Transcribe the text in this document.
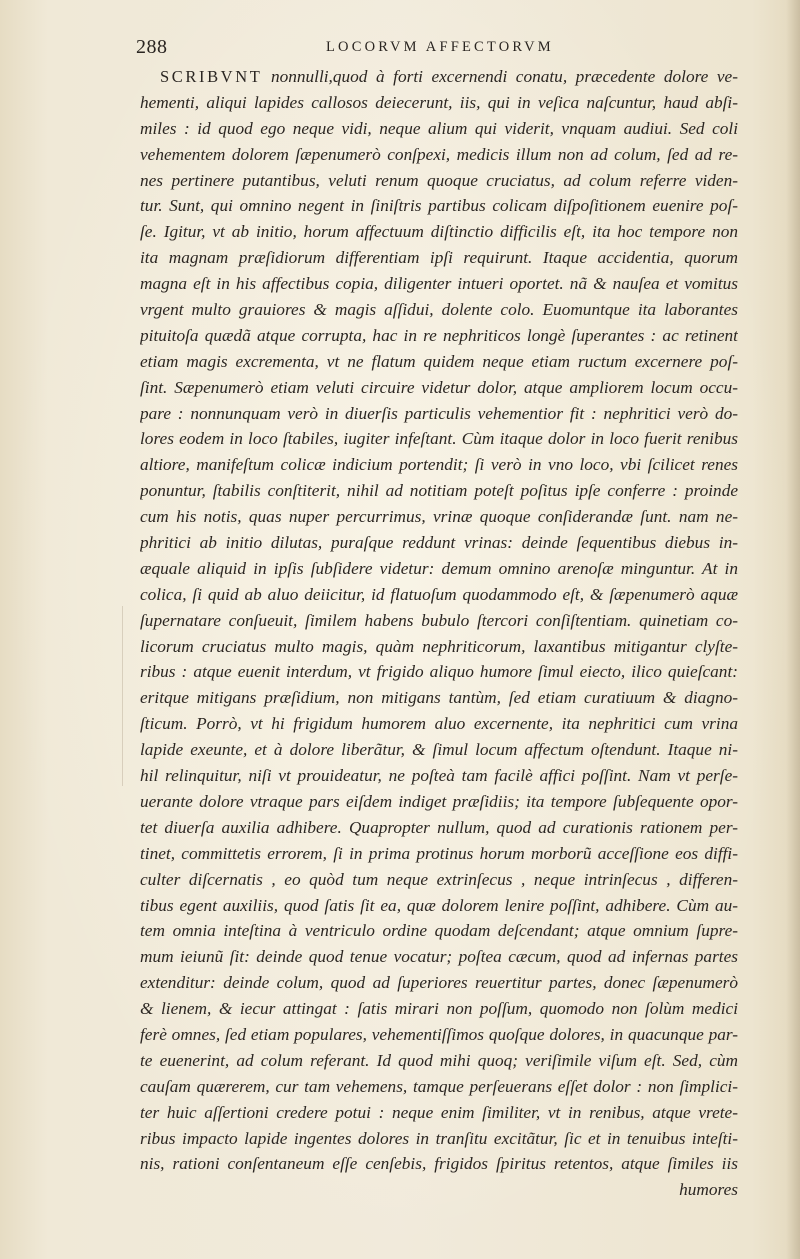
288	LOCORVM AFFECTORVM
SCRIBVNT nonnulli,quod à forti excernendi conatu, præcedente dolore ve-
hementi, aliqui lapides callosos deiecerunt, iis, qui in veſica naſcuntur, haud abſi-
miles : id quod ego neque vidi, neque alium qui viderit, vnquam audiui. Sed coli
vehementem dolorem ſæpenumerò conſpexi, medicis illum non ad colum, ſed ad re-
nes pertinere putantibus, veluti renum quoque cruciatus, ad colum referre viden-
tur. Sunt, qui omnino negent in ſiniſtris partibus colicam diſpoſitionem euenire poſ-
ſe. Igitur, vt ab initio, horum affectuum diſtinctio difficilis eſt, ita hoc tempore non
ita magnam præſidiorum differentiam ipſi requirunt. Itaque accidentia, quorum
magna eſt in his affectibus copia, diligenter intueri oportet. nã & nauſea et vomitus
vrgent multo grauiores & magis aſſidui, dolente colo. Euomuntque ita laborantes
pituitoſa quædã atque corrupta, hac in re nephriticos longè ſuperantes : ac retinent
etiam magis excrementa, vt ne flatum quidem neque etiam ructum excernere poſ-
ſint. Sæpenumerò etiam veluti circuire videtur dolor, atque ampliorem locum occu-
pare : nonnunquam verò in diuerſis particulis vehementior fit : nephritici verò do-
lores eodem in loco ſtabiles, iugiter infeſtant. Cùm itaque dolor in loco fuerit renibus
altiore, manifeſtum colicæ indicium portendit; ſi verò in vno loco, vbi ſcilicet renes
ponuntur, ſtabilis conſtiterit, nihil ad notitiam poteſt poſitus ipſe conferre : proinde
cum his notis, quas nuper percurrimus, vrinæ quoque conſiderandæ ſunt. nam ne-
phritici ab initio dilutas, puraſque reddunt vrinas: deinde ſequentibus diebus in-
æquale aliquid in ipſis ſubſidere videtur: demum omnino arenoſæ minguntur. At in
colica, ſi quid ab aluo deiicitur, id flatuoſum quodammodo eſt, & ſæpenumerò aquæ
ſupernatare conſueuit, ſimilem habens bubulo ſtercori conſiſtentiam. quinetiam co-
licorum cruciatus multo magis, quàm nephriticorum, laxantibus mitigantur clyſte-
ribus : atque euenit interdum, vt frigido aliquo humore ſimul eiecto, ilico quieſcant:
eritque mitigans præſidium, non mitigans tantùm, ſed etiam curatiuum & diagno-
ſticum. Porrò, vt hi frigidum humorem aluo excernente, ita nephritici cum vrina
lapide exeunte, et à dolore liberãtur, & ſimul locum affectum oſtendunt. Itaque ni-
hil relinquitur, niſi vt prouideatur, ne poſteà tam facilè affici poſſint. Nam vt perſe-
uerante dolore vtraque pars eiſdem indiget præſidiis; ita tempore ſubſequente opor-
tet diuerſa auxilia adhibere. Quapropter nullum, quod ad curationis rationem per-
tinet, committetis errorem, ſi in prima protinus horum morborũ acceſſione eos diffi-
culter diſcernatis , eo quòd tum neque extrinſecus , neque intrinſecus , differen-
tibus egent auxiliis, quod ſatis ſit ea, quæ dolorem lenire poſſint, adhibere. Cùm au-
tem omnia inteſtina à ventriculo ordine quodam deſcendant; atque omnium ſupre-
mum ieiunũ ſit: deinde quod tenue vocatur; poſtea cæcum, quod ad infernas partes
extenditur: deinde colum, quod ad ſuperiores reuertitur partes, donec ſæpenumerò
& lienem, & iecur attingat : ſatis mirari non poſſum, quomodo non ſolùm medici
ferè omnes, ſed etiam populares, vehementiſſimos quoſque dolores, in quacunque par-
te euenerint, ad colum referant. Id quod mihi quoq; veriſimile viſum eſt. Sed, cùm
cauſam quærerem, cur tam vehemens, tamque perſeuerans eſſet dolor : non ſimplici-
ter huic aſſertioni credere potui : neque enim ſimiliter, vt in renibus, atque vrete-
ribus impacto lapide ingentes dolores in tranſitu excitãtur, ſic et in tenuibus inteſti-
nis, rationi conſentaneum eſſe cenſebis, frigidos ſpiritus retentos, atque ſimiles iis
humores
